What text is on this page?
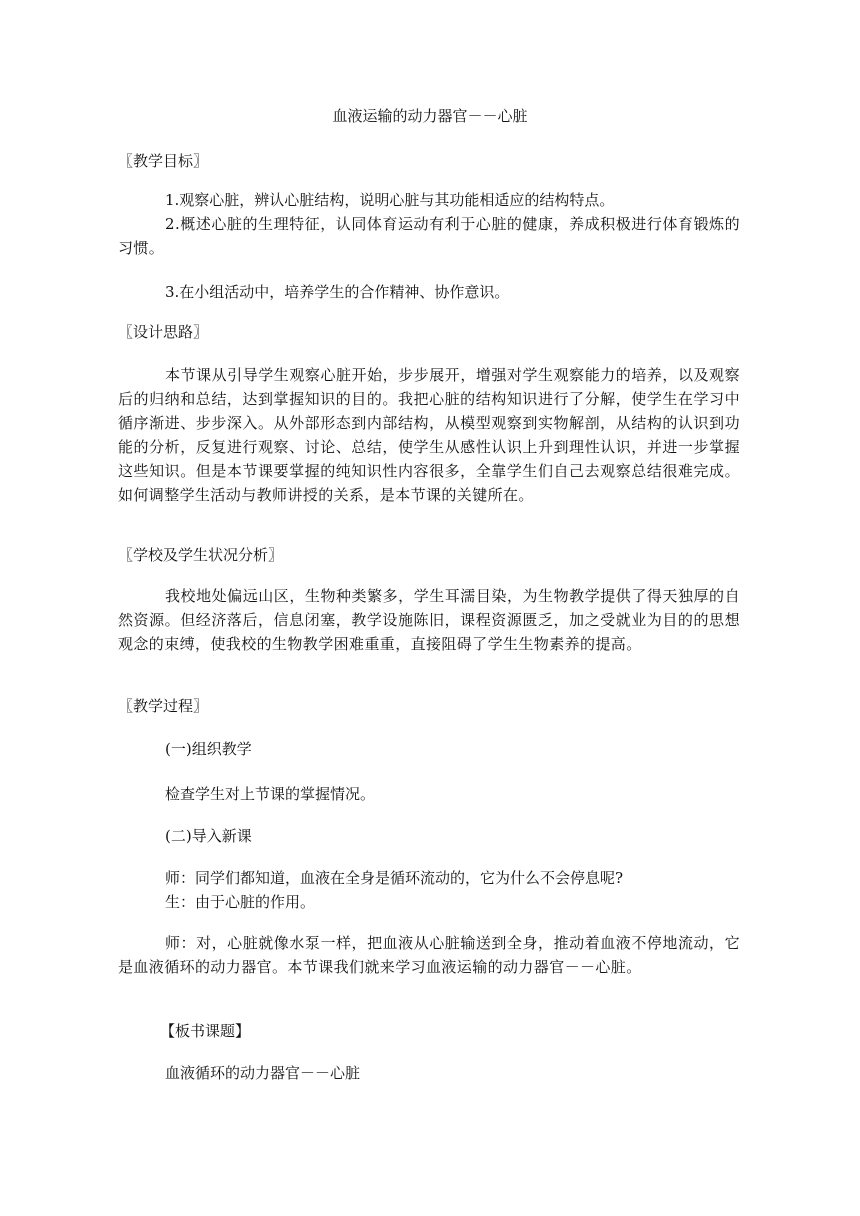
血液运输的动力器官－－心脏

〖教学目标〗

1.观察心脏，辨认心脏结构，说明心脏与其功能相适应的结构特点。

2.概述心脏的生理特征，认同体育运动有利于心脏的健康，养成积极进行体育锻炼的习惯。

3.在小组活动中，培养学生的合作精神、协作意识。

〖设计思路〗

本节课从引导学生观察心脏开始，步步展开，增强对学生观察能力的培养，以及观察后的归纳和总结，达到掌握知识的目的。我把心脏的结构知识进行了分解，使学生在学习中循序渐进、步步深入。从外部形态到内部结构，从模型观察到实物解剖，从结构的认识到功能的分析，反复进行观察、讨论、总结，使学生从感性认识上升到理性认识，并进一步掌握这些知识。但是本节课要掌握的纯知识性内容很多，全靠学生们自己去观察总结很难完成。如何调整学生活动与教师讲授的关系，是本节课的关键所在。

〖学校及学生状况分析〗

我校地处偏远山区，生物种类繁多，学生耳濡目染，为生物教学提供了得天独厚的自然资源。但经济落后，信息闭塞，教学设施陈旧，课程资源匮乏，加之受就业为目的的思想观念的束缚，使我校的生物教学困难重重，直接阻碍了学生生物素养的提高。

〖教学过程〗

(一)组织教学

检查学生对上节课的掌握情况。

(二)导入新课

师：同学们都知道，血液在全身是循环流动的，它为什么不会停息呢?

生：由于心脏的作用。

师：对，心脏就像水泵一样，把血液从心脏输送到全身，推动着血液不停地流动，它是血液循环的动力器官。本节课我们就来学习血液运输的动力器官－－心脏。

【板书课题】

血液循环的动力器官－－心脏
